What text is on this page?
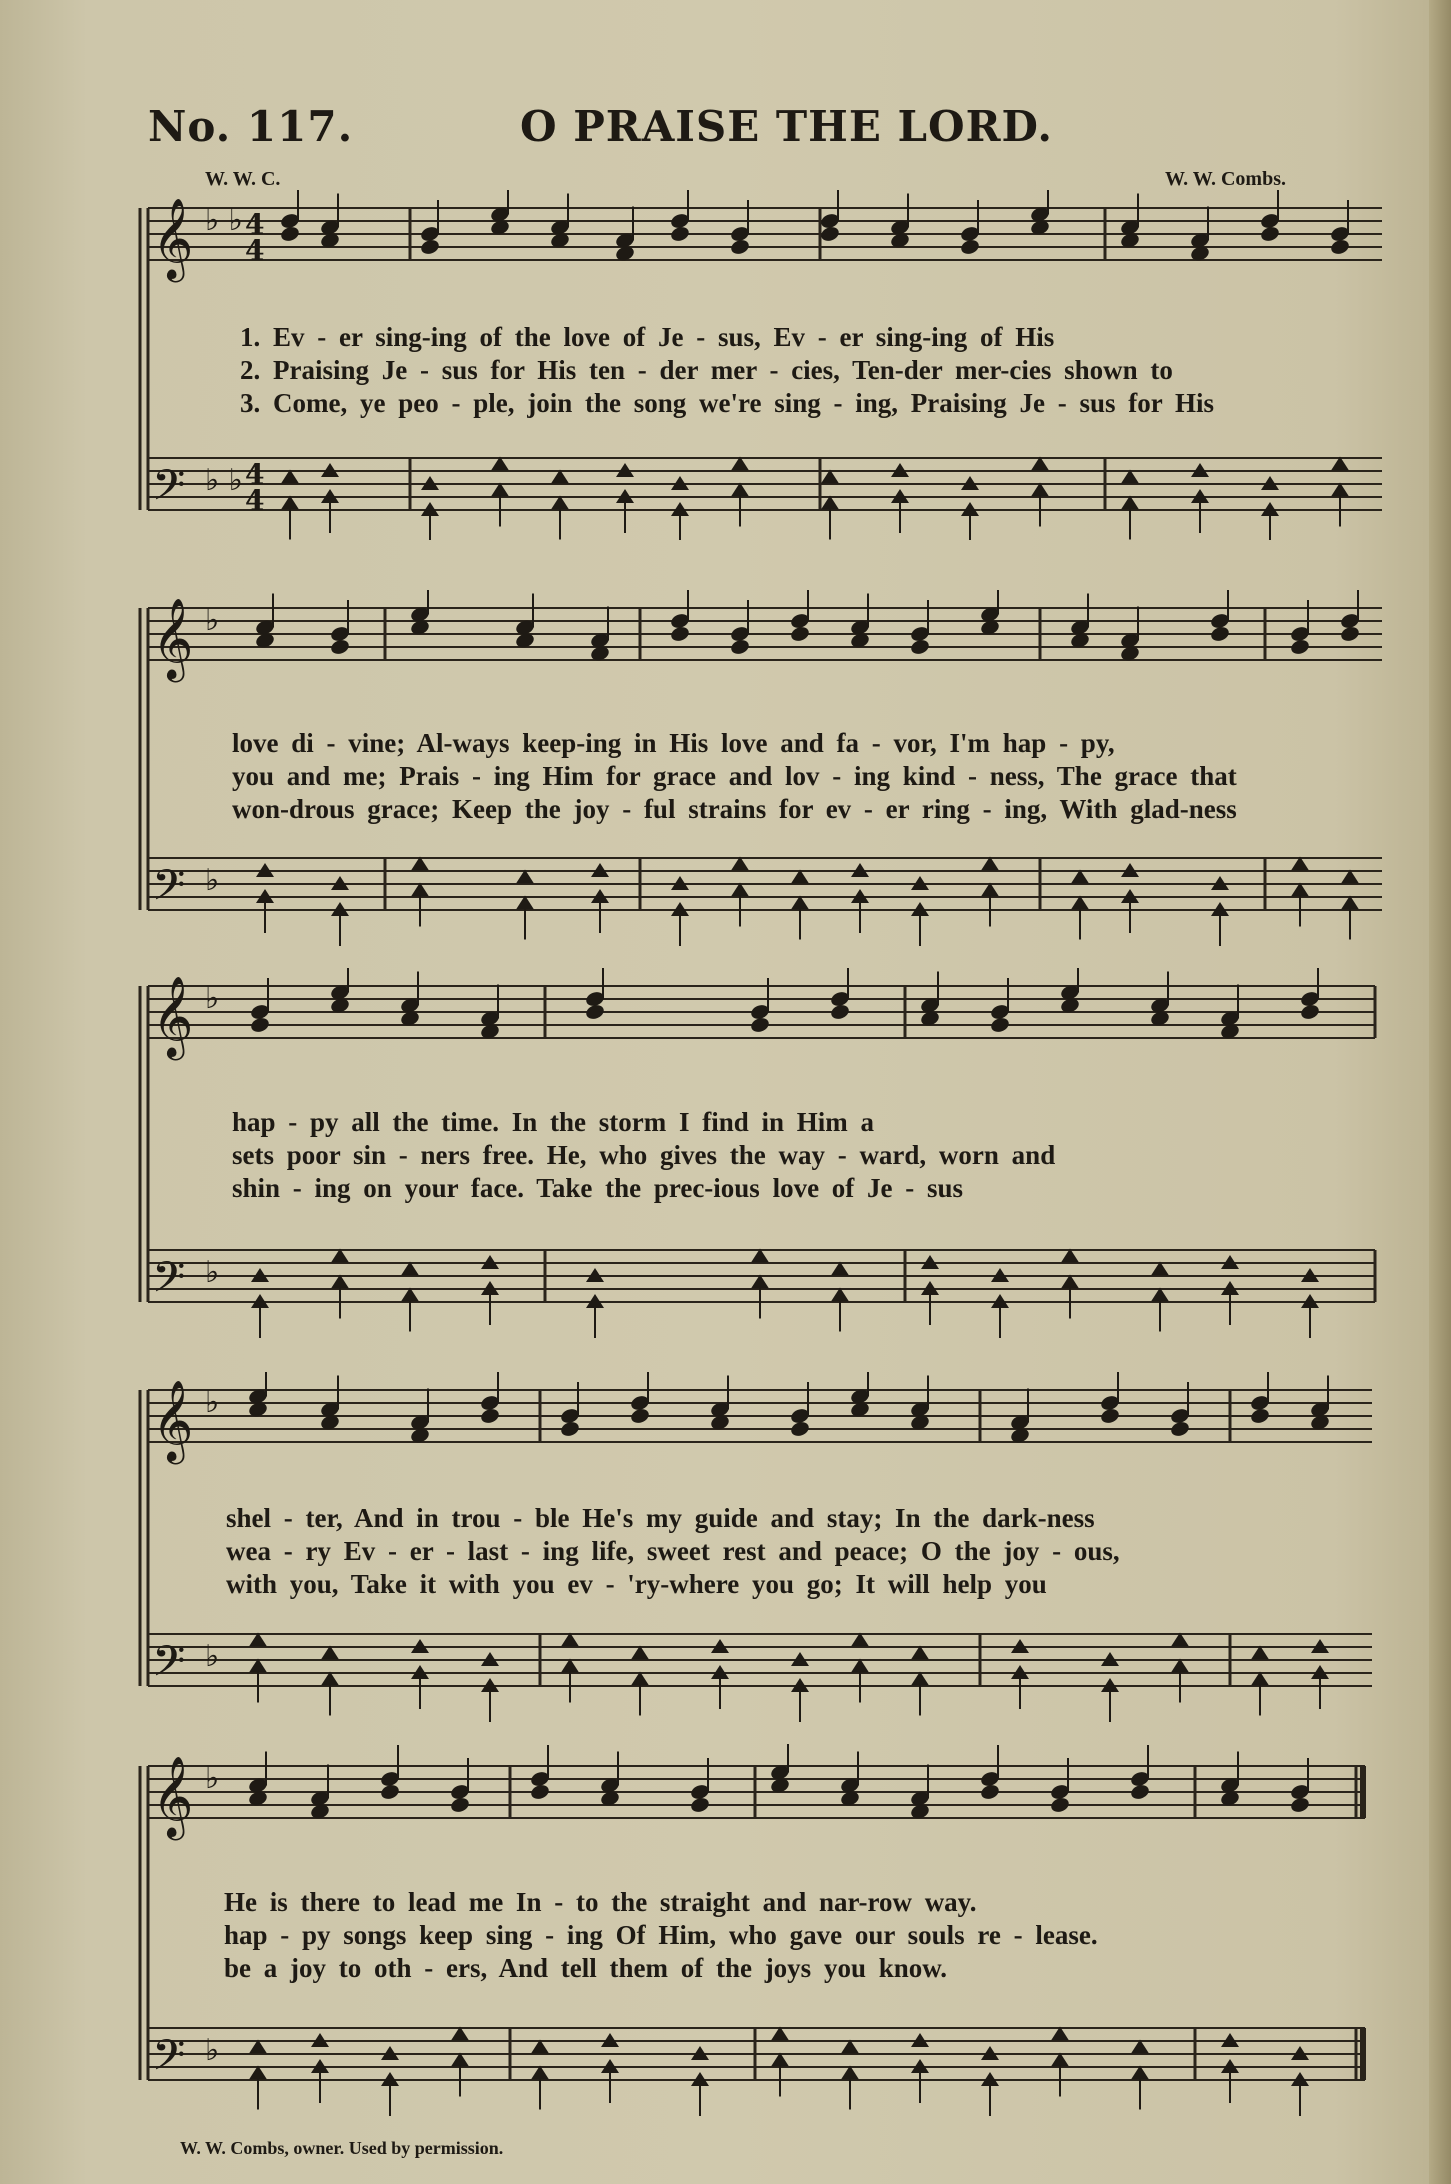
No. 117.	O PRAISE THE LORD.
W. W. C.	W. W. Combs.
𝄞
𝄢
♭ ♭
♭ ♭
4
4
4
4
1. Ev - er sing-ing of the love of Je - sus, Ev - er sing-ing of His
2. Praising Je - sus for His ten - der mer - cies, Ten-der mer-cies shown to
3. Come, ye peo - ple, join the song we're sing - ing, Praising Je - sus for His
𝄞
𝄢
♭
♭
love di - vine; Al-ways keep-ing in His love and fa - vor, I'm hap - py,
you and me; Prais - ing Him for grace and lov - ing kind - ness, The grace that
won-drous grace; Keep the joy - ful strains for ev - er ring - ing, With glad-ness
𝄞
𝄢
♭
♭
hap - py all the time. In the storm I find in Him a
sets poor sin - ners free. He, who gives the way - ward, worn and
shin - ing on your face. Take the prec-ious love of Je - sus
𝄞
𝄢
♭
♭
shel - ter, And in trou - ble He's my guide and stay; In the dark-ness
wea - ry Ev - er - last - ing life, sweet rest and peace; O the joy - ous,
with you, Take it with you ev - 'ry-where you go; It will help you
𝄞
𝄢
♭
♭
He is there to lead me In - to the straight and nar-row way.
hap - py songs keep sing - ing Of Him, who gave our souls re - lease.
be a joy to oth - ers, And tell them of the joys you know.
W. W. Combs, owner. Used by permission.
